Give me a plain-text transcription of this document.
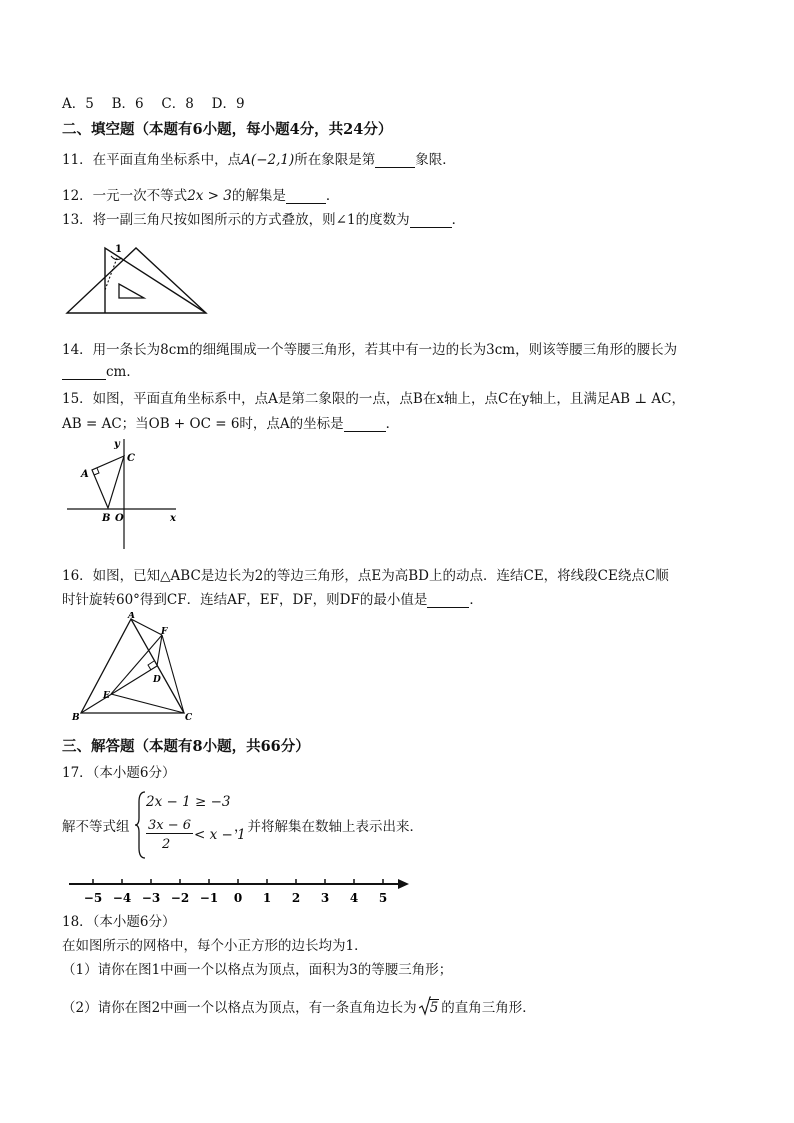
A．5　 B．6　 C．8　 D．9
二、填空题（本题有6小题，每小题4分，共24分）
11．在平面直角坐标系中，点A(−2,1)所在象限是第	象限．
12．一元一次不等式2x > 3的解集是	．
13．将一副三角尺按如图所示的方式叠放，则∠1的度数为	．
1
14．用一条长为8cm的细绳围成一个等腰三角形，若其中有一边的长为3cm，则该等腰三角形的腰长为
cm．
15．如图，平面直角坐标系中，点A是第二象限的一点，点B在x轴上，点C在y轴上，且满足AB ⊥ AC，
AB = AC；当OB + OC = 6时，点A的坐标是	．
y
C
A
B O	x
16．如图，已知△ABC是边长为2的等边三角形，点E为高BD上的动点．连结CE，将线段CE绕点C顺
时针旋转60°得到CF．连结AF，EF，DF，则DF的最小值是	．
A
F
D
E
B	C
三、解答题（本题有8小题，共66分）
17．（本小题6分）
解不等式组
2x − 1 ≥ −3
3x − 6
2
< x − 1
，并将解集在数轴上表示出来．
−5 −4 −3 −2 −1 0 1 2 3 4 5
18．（本小题6分）
在如图所示的网格中，每个小正方形的边长均为1．
（1）请你在图1中画一个以格点为顶点，面积为3的等腰三角形；
（2）请你在图2中画一个以格点为顶点，有一条直角边长为 5 的直角三角形．
